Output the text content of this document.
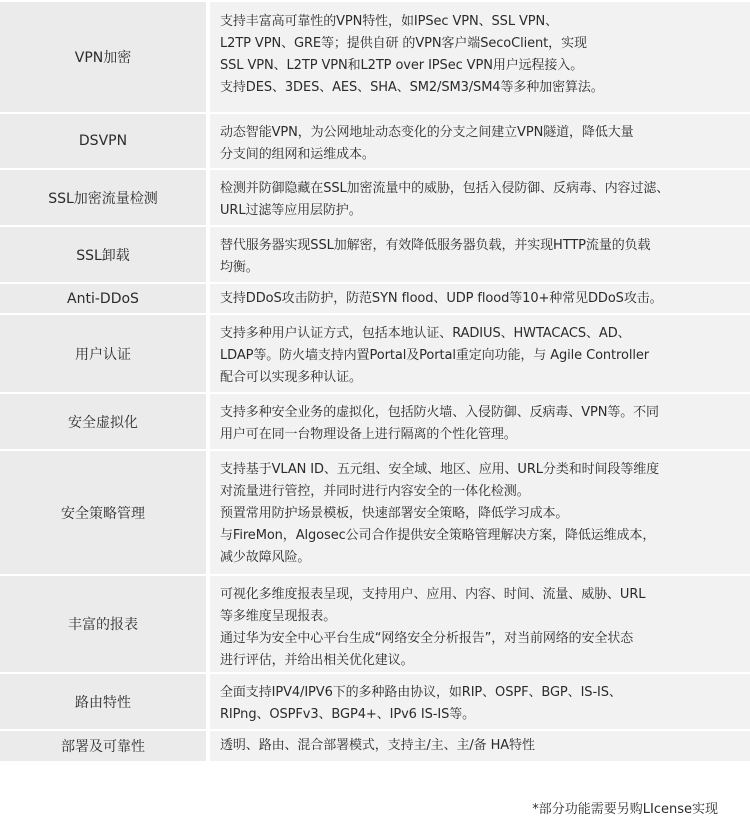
VPN加密
支持丰富高可靠性的VPN特性，如IPSec VPN、SSL VPN、
L2TP VPN、GRE等；提供自研 的VPN客户端SecoClient，实现
SSL VPN、L2TP VPN和L2TP over IPSec VPN用户远程接入。
支持DES、3DES、AES、SHA、SM2/SM3/SM4等多种加密算法。
DSVPN
动态智能VPN，为公网地址动态变化的分支之间建立VPN隧道，降低大量
分支间的组网和运维成本。
SSL加密流量检测
检测并防御隐藏在SSL加密流量中的威胁，包括入侵防御、反病毒、内容过滤、
URL过滤等应用层防护。
SSL卸载
替代服务器实现SSL加解密，有效降低服务器负载，并实现HTTP流量的负载
均衡。
Anti-DDoS	支持DDoS攻击防护，防范SYN flood、UDP flood等10+种常见DDoS攻击。
用户认证
支持多种用户认证方式，包括本地认证、RADIUS、HWTACACS、AD、
LDAP等。防火墙支持内置Portal及Portal重定向功能，与 Agile Controller
配合可以实现多种认证。
安全虚拟化
支持多种安全业务的虚拟化，包括防火墙、入侵防御、反病毒、VPN等。不同
用户可在同一台物理设备上进行隔离的个性化管理。
安全策略管理
支持基于VLAN ID、五元组、安全域、地区、应用、URL分类和时间段等维度
对流量进行管控，并同时进行内容安全的一体化检测。
预置常用防护场景模板，快速部署安全策略，降低学习成本。
与FireMon，Algosec公司合作提供安全策略管理解决方案，降低运维成本，
减少故障风险。
丰富的报表
可视化多维度报表呈现，支持用户、应用、内容、时间、流量、威胁、URL
等多维度呈现报表。
通过华为安全中心平台生成“网络安全分析报告”，对当前网络的安全状态
进行评估，并给出相关优化建议。
路由特性
全面支持IPV4/IPV6下的多种路由协议，如RIP、OSPF、BGP、IS-IS、
RIPng、OSPFv3、BGP4+、IPv6 IS-IS等。
部署及可靠性	透明、路由、混合部署模式，支持主/主、主/备 HA特性
*部分功能需要另购LIcense实现
